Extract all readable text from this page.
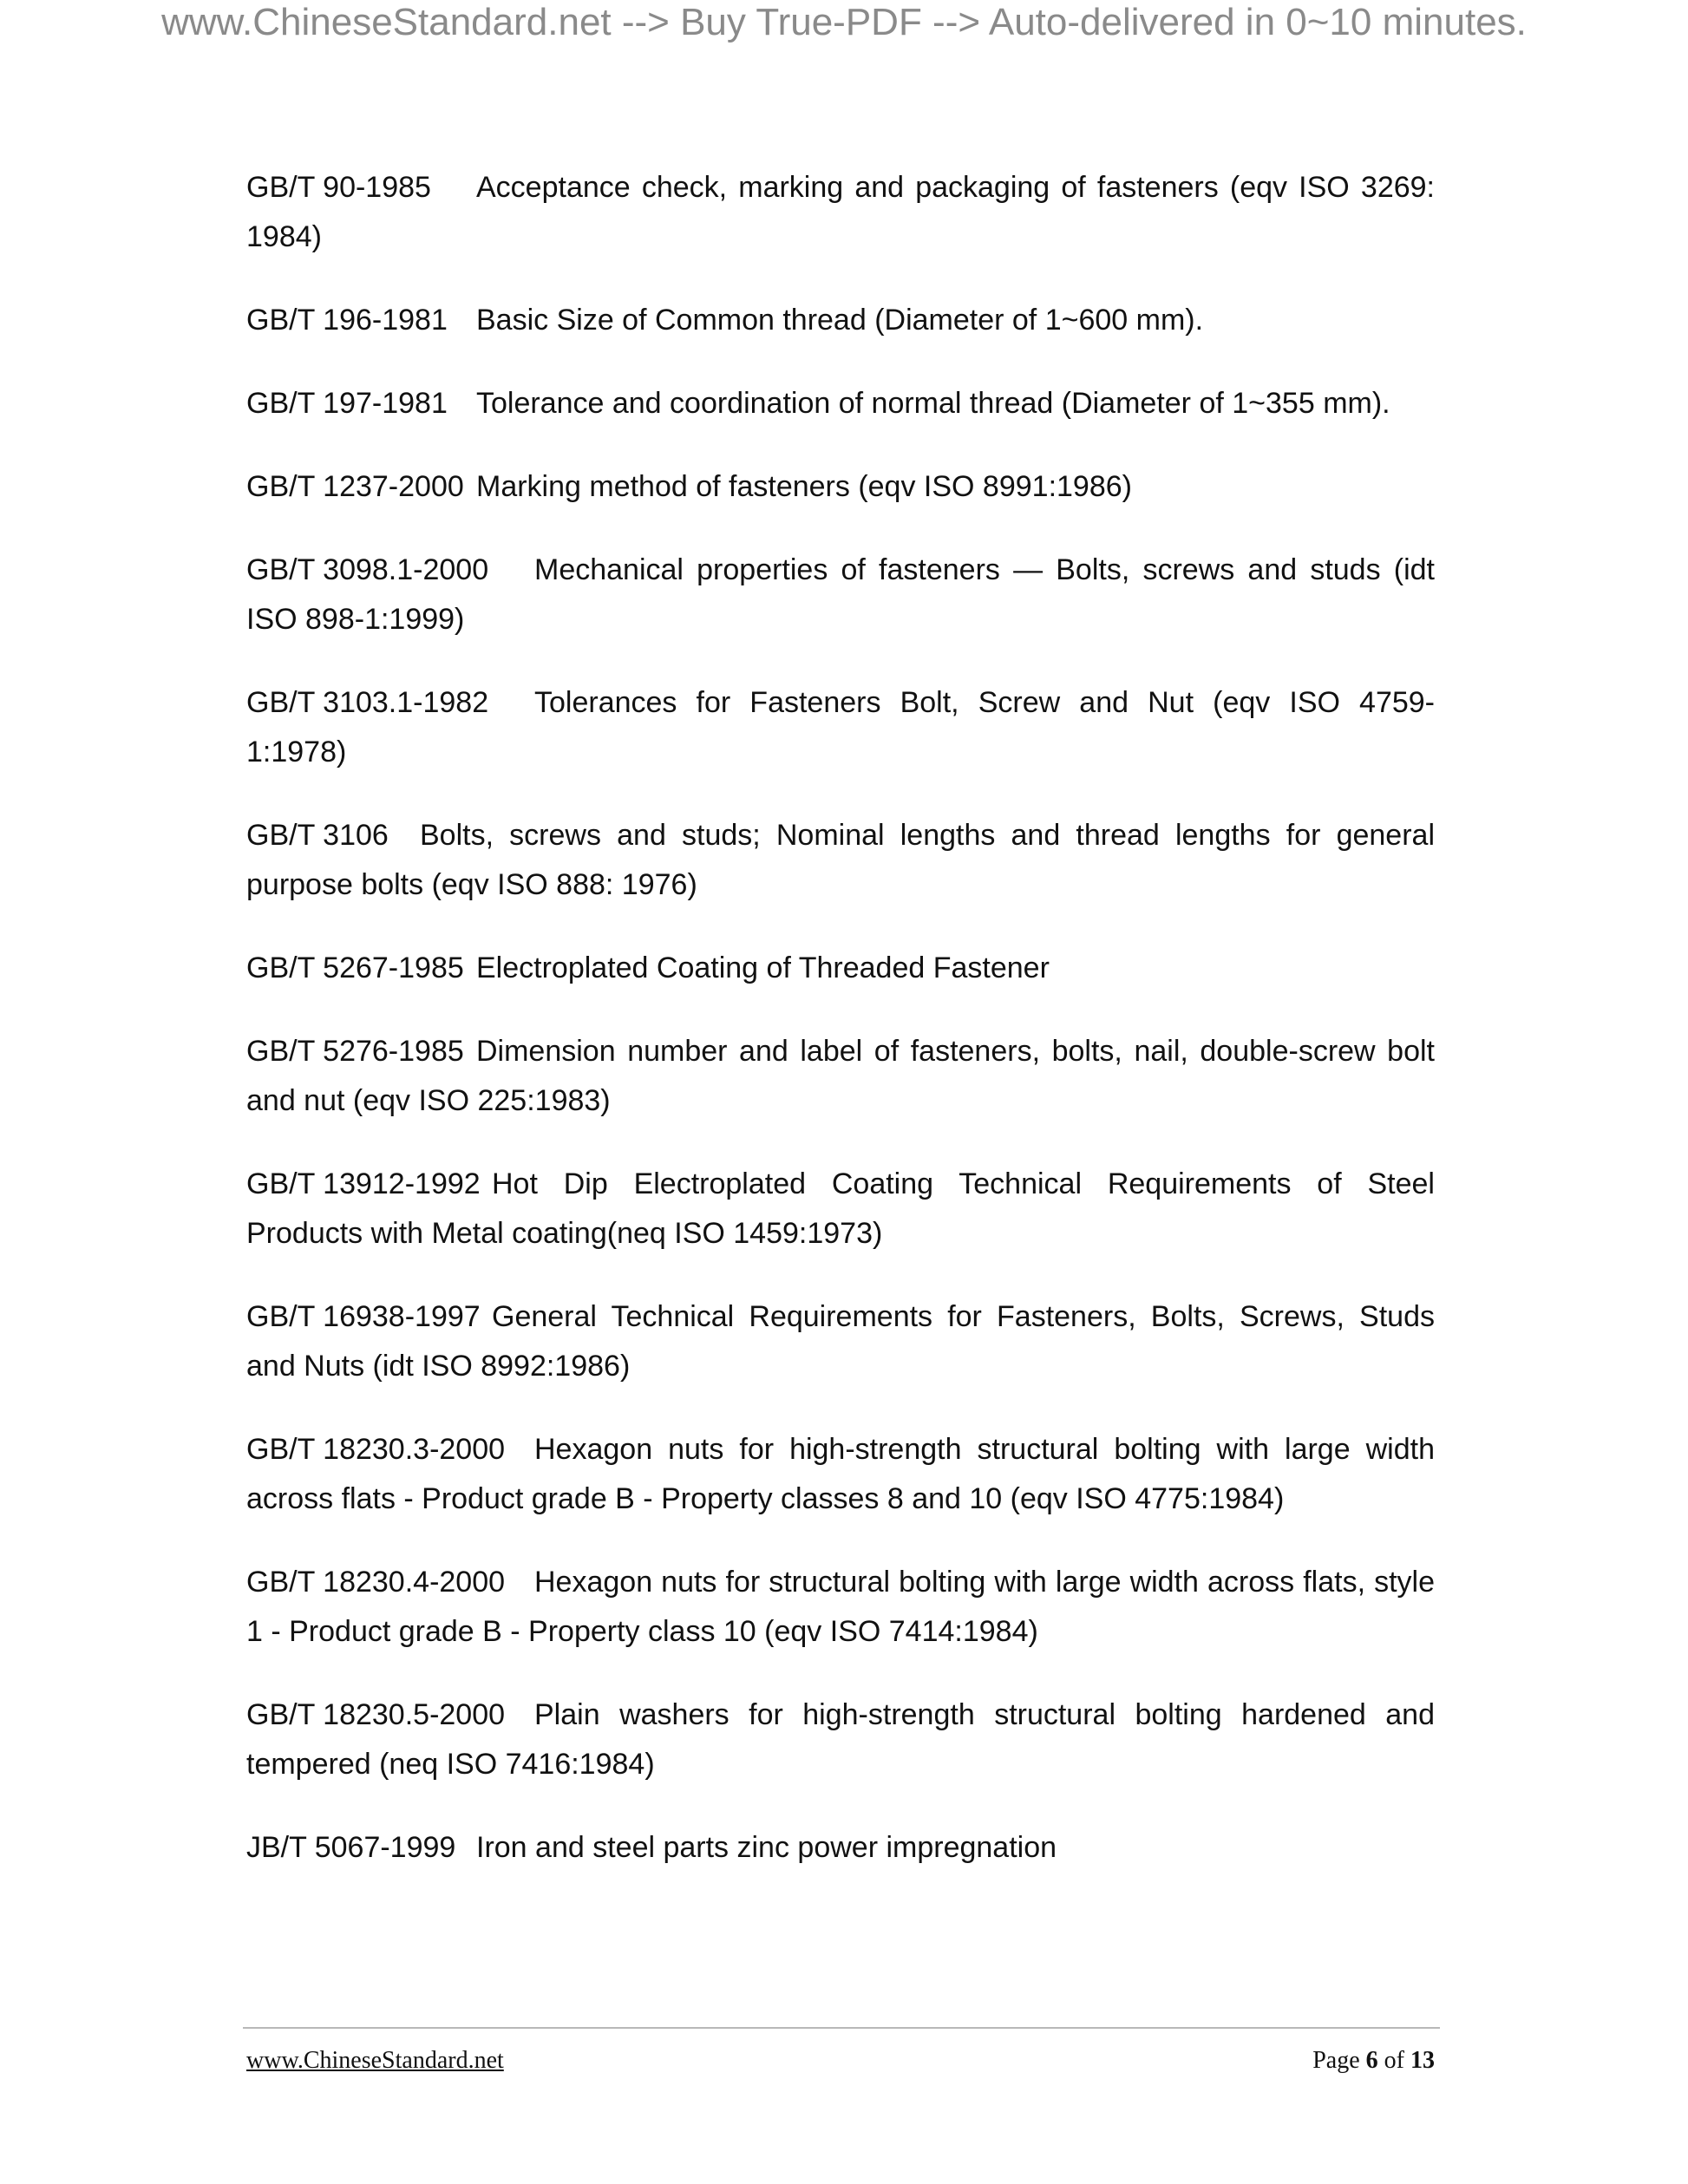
www.ChineseStandard.net --> Buy True-PDF --> Auto-delivered in 0~10 minutes.

GB/T 90-1985 Acceptance check, marking and packaging of fasteners (eqv ISO 3269: 1984)

GB/T 196-1981 Basic Size of Common thread (Diameter of 1~600 mm).

GB/T 197-1981 Tolerance and coordination of normal thread (Diameter of 1~355 mm).

GB/T 1237-2000 Marking method of fasteners (eqv ISO 8991:1986)

GB/T 3098.1-2000 Mechanical properties of fasteners — Bolts, screws and studs (idt ISO 898-1:1999)

GB/T 3103.1-1982 Tolerances for Fasteners Bolt, Screw and Nut (eqv ISO 4759-1:1978)

GB/T 3106 Bolts, screws and studs; Nominal lengths and thread lengths for general purpose bolts (eqv ISO 888: 1976)

GB/T 5267-1985 Electroplated Coating of Threaded Fastener

GB/T 5276-1985 Dimension number and label of fasteners, bolts, nail, double-screw bolt and nut (eqv ISO 225:1983)

GB/T 13912-1992 Hot Dip Electroplated Coating Technical Requirements of Steel Products with Metal coating(neq ISO 1459:1973)

GB/T 16938-1997 General Technical Requirements for Fasteners, Bolts, Screws, Studs and Nuts (idt ISO 8992:1986)

GB/T 18230.3-2000 Hexagon nuts for high-strength structural bolting with large width across flats - Product grade B - Property classes 8 and 10 (eqv ISO 4775:1984)

GB/T 18230.4-2000 Hexagon nuts for structural bolting with large width across flats, style 1 - Product grade B - Property class 10 (eqv ISO 7414:1984)

GB/T 18230.5-2000 Plain washers for high-strength structural bolting hardened and tempered (neq ISO 7416:1984)

JB/T 5067-1999 Iron and steel parts zinc power impregnation

www.ChineseStandard.net	Page 6 of 13
